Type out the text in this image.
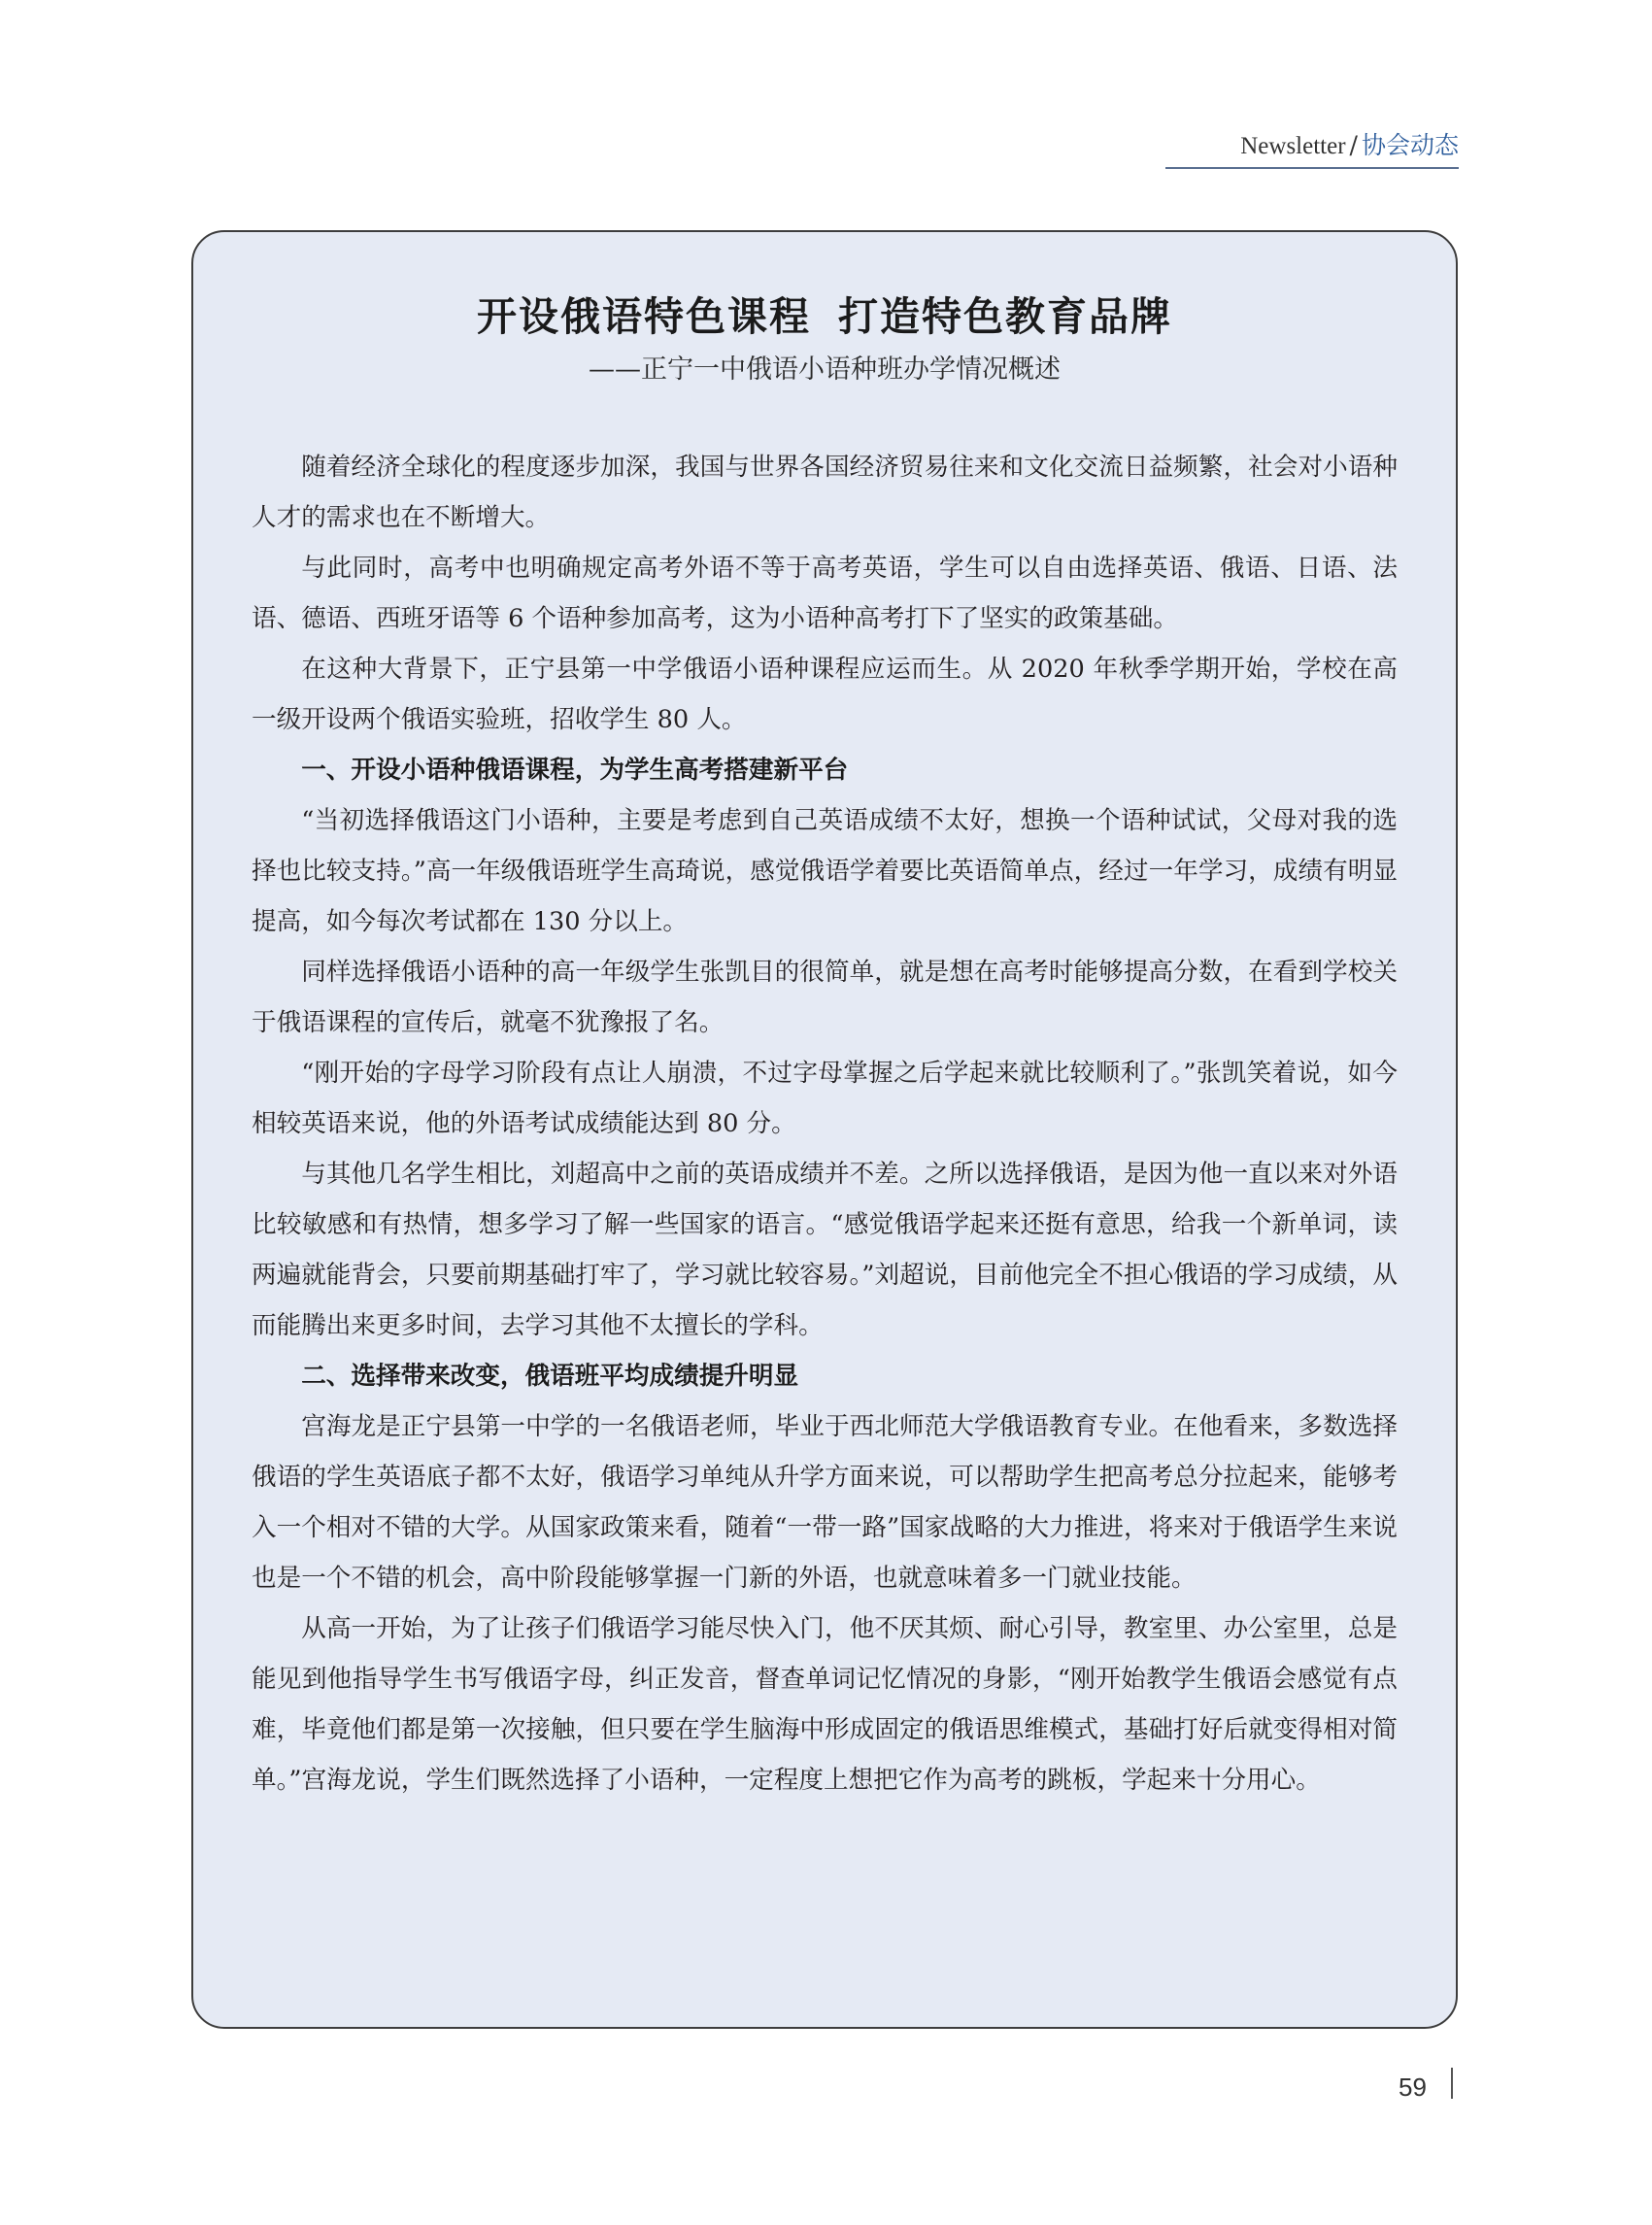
Newsletter / 协会动态
开设俄语特色课程 打造特色教育品牌
——正宁一中俄语小语种班办学情况概述

随着经济全球化的程度逐步加深，我国与世界各国经济贸易往来和文化交流日益频繁，社会对小语种人才的需求也在不断增大。

与此同时，高考中也明确规定高考外语不等于高考英语，学生可以自由选择英语、俄语、日语、法语、德语、西班牙语等 6 个语种参加高考，这为小语种高考打下了坚实的政策基础。

在这种大背景下，正宁县第一中学俄语小语种课程应运而生。从 2020 年秋季学期开始，学校在高一级开设两个俄语实验班，招收学生 80 人。

一、开设小语种俄语课程，为学生高考搭建新平台

“当初选择俄语这门小语种，主要是考虑到自己英语成绩不太好，想换一个语种试试，父母对我的选择也比较支持。”高一年级俄语班学生高琦说，感觉俄语学着要比英语简单点，经过一年学习，成绩有明显提高，如今每次考试都在 130 分以上。

同样选择俄语小语种的高一年级学生张凯目的很简单，就是想在高考时能够提高分数，在看到学校关于俄语课程的宣传后，就毫不犹豫报了名。

“刚开始的字母学习阶段有点让人崩溃，不过字母掌握之后学起来就比较顺利了。”张凯笑着说，如今相较英语来说，他的外语考试成绩能达到 80 分。

与其他几名学生相比，刘超高中之前的英语成绩并不差。之所以选择俄语，是因为他一直以来对外语比较敏感和有热情，想多学习了解一些国家的语言。“感觉俄语学起来还挺有意思，给我一个新单词，读两遍就能背会，只要前期基础打牢了，学习就比较容易。”刘超说，目前他完全不担心俄语的学习成绩，从而能腾出来更多时间，去学习其他不太擅长的学科。

二、选择带来改变，俄语班平均成绩提升明显

宫海龙是正宁县第一中学的一名俄语老师，毕业于西北师范大学俄语教育专业。在他看来，多数选择俄语的学生英语底子都不太好，俄语学习单纯从升学方面来说，可以帮助学生把高考总分拉起来，能够考入一个相对不错的大学。从国家政策来看，随着“一带一路”国家战略的大力推进，将来对于俄语学生来说也是一个不错的机会，高中阶段能够掌握一门新的外语，也就意味着多一门就业技能。

从高一开始，为了让孩子们俄语学习能尽快入门，他不厌其烦、耐心引导，教室里、办公室里，总是能见到他指导学生书写俄语字母，纠正发音，督查单词记忆情况的身影，“刚开始教学生俄语会感觉有点难，毕竟他们都是第一次接触，但只要在学生脑海中形成固定的俄语思维模式，基础打好后就变得相对简单。”宫海龙说，学生们既然选择了小语种，一定程度上想把它作为高考的跳板，学起来十分用心。

59
